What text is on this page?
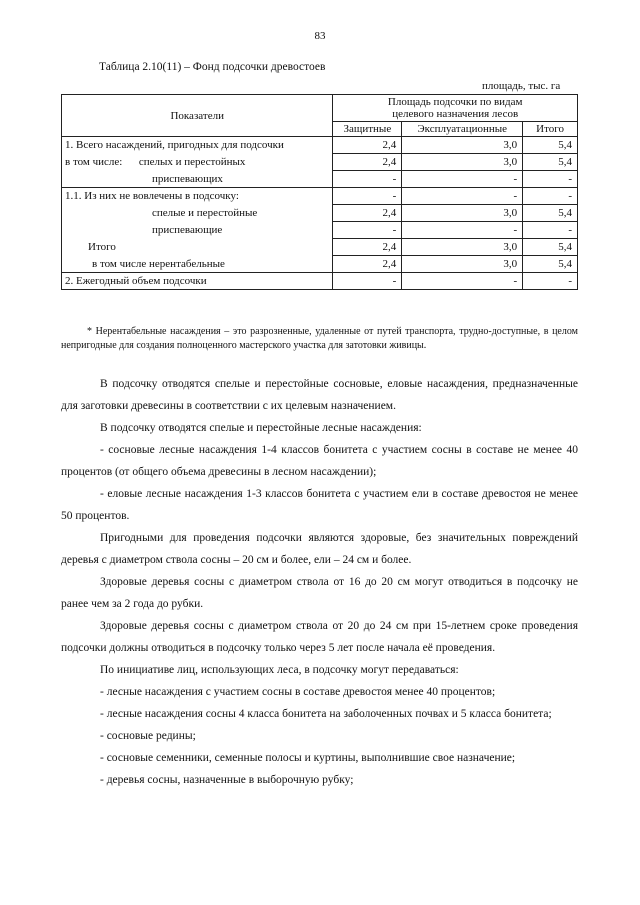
83
Таблица 2.10(11) – Фонд подсочки древостоев
площадь, тыс. га
Показатели	Площадь подсочки по видам
целевого назначения лесов		
	Защитные	Эксплуатационные	Итого
1. Всего насаждений, пригодных для подсочки	2,4	3,0	5,4
в том числе:      спелых и перестойных	2,4	3,0	5,4
приспевающих	-	-	-
1.1. Из них не вовлечены в подсочку:	-	-	-
спелые и перестойные	2,4	3,0	5,4
приспевающие	-	-	-
Итого	2,4	3,0	5,4
в том числе нерентабельные	2,4	3,0	5,4
2. Ежегодный объем подсочки	-	-	-
* Нерентабельные насаждения – это разрозненные, удаленные от путей транспорта, трудно-доступные, в целом непригодные для создания полноценного мастерского участка для затотовки живицы.

В подсочку отводятся спелые и перестойные сосновые, еловые насаждения, предназначенные для заготовки древесины в соответствии с их целевым назначением.

В подсочку отводятся спелые и перестойные лесные насаждения:

- сосновые лесные насаждения 1-4 классов бонитета с участием сосны в составе не менее 40 процентов (от общего объема древесины в лесном насаждении);

- еловые лесные насаждения 1-3 классов бонитета с участием ели в составе древостоя не менее 50 процентов.

Пригодными для проведения подсочки являются здоровые, без значительных повреждений деревья с диаметром ствола сосны – 20 см и более, ели – 24 см и более.

Здоровые деревья сосны с диаметром ствола от 16 до 20 см могут отводиться в подсочку не ранее чем за 2 года до рубки.

Здоровые деревья сосны с диаметром ствола от 20 до 24 см при 15-летнем сроке проведения подсочки должны отводиться в подсочку только через 5 лет после начала её проведения.

По инициативе лиц, использующих леса, в подсочку могут передаваться:

- лесные насаждения с участием сосны в составе древостоя менее 40 процентов;

- лесные насаждения сосны 4 класса бонитета на заболоченных почвах и 5 класса бонитета;

- сосновые редины;

- сосновые семенники, семенные полосы и куртины, выполнившие свое назначение;

- деревья сосны, назначенные в выборочную рубку;
